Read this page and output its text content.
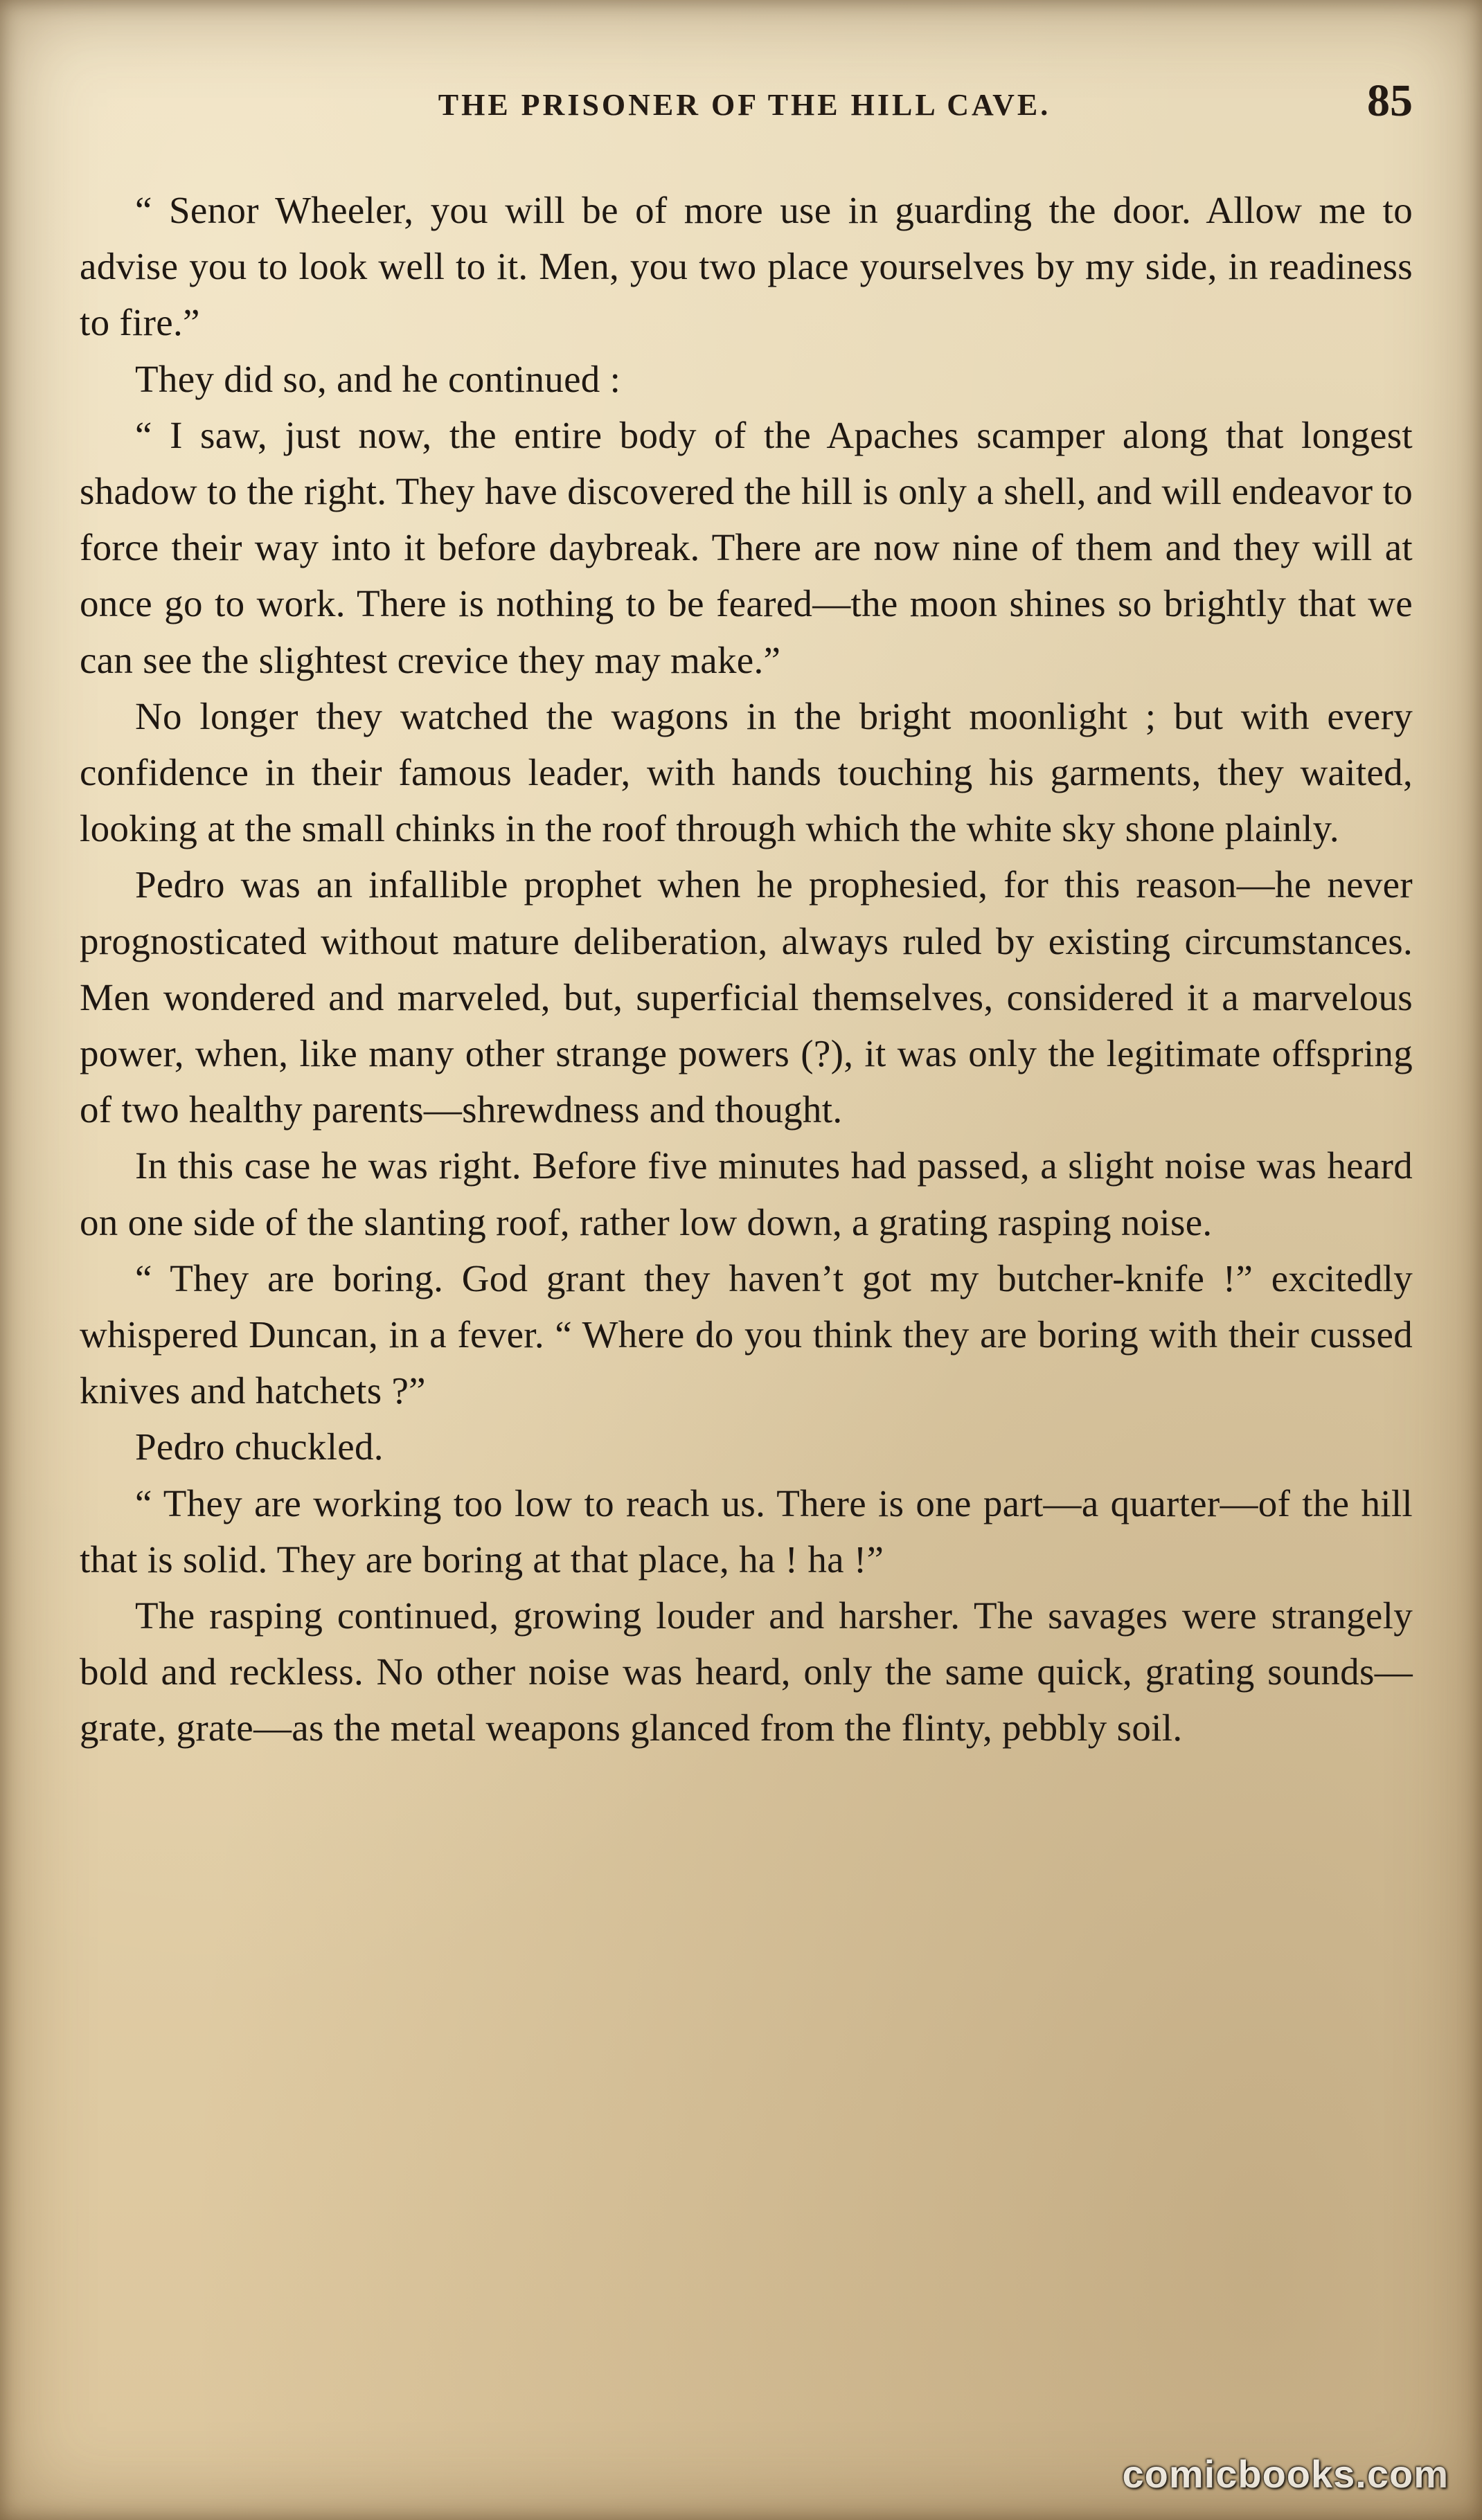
THE PRISONER OF THE HILL CAVE.	85

“ Senor Wheeler, you will be of more use in guarding the door. Allow me to advise you to look well to it. Men, you two place yourselves by my side, in readiness to fire.”

They did so, and he continued :

“ I saw, just now, the entire body of the Apaches scamper along that longest shadow to the right. They have discovered the hill is only a shell, and will endeavor to force their way into it before daybreak. There are now nine of them and they will at once go to work. There is nothing to be feared—the moon shines so brightly that we can see the slightest crevice they may make.”

No longer they watched the wagons in the bright moonlight ; but with every confidence in their famous leader, with hands touching his garments, they waited, looking at the small chinks in the roof through which the white sky shone plainly.

Pedro was an infallible prophet when he prophesied, for this reason—he never prognosticated without mature deliberation, always ruled by existing circumstances. Men wondered and marveled, but, superficial themselves, considered it a marvelous power, when, like many other strange powers (?), it was only the legitimate offspring of two healthy parents—shrewdness and thought.

In this case he was right. Before five minutes had passed, a slight noise was heard on one side of the slanting roof, rather low down, a grating rasping noise.

“ They are boring. God grant they haven’t got my butcher-knife !” excitedly whispered Duncan, in a fever. “ Where do you think they are boring with their cussed knives and hatchets ?”

Pedro chuckled.

“ They are working too low to reach us. There is one part—a quarter—of the hill that is solid. They are boring at that place, ha ! ha !”

The rasping continued, growing louder and harsher. The savages were strangely bold and reckless. No other noise was heard, only the same quick, grating sounds—grate, grate—as the metal weapons glanced from the flinty, pebbly soil.

comicbooks.com
